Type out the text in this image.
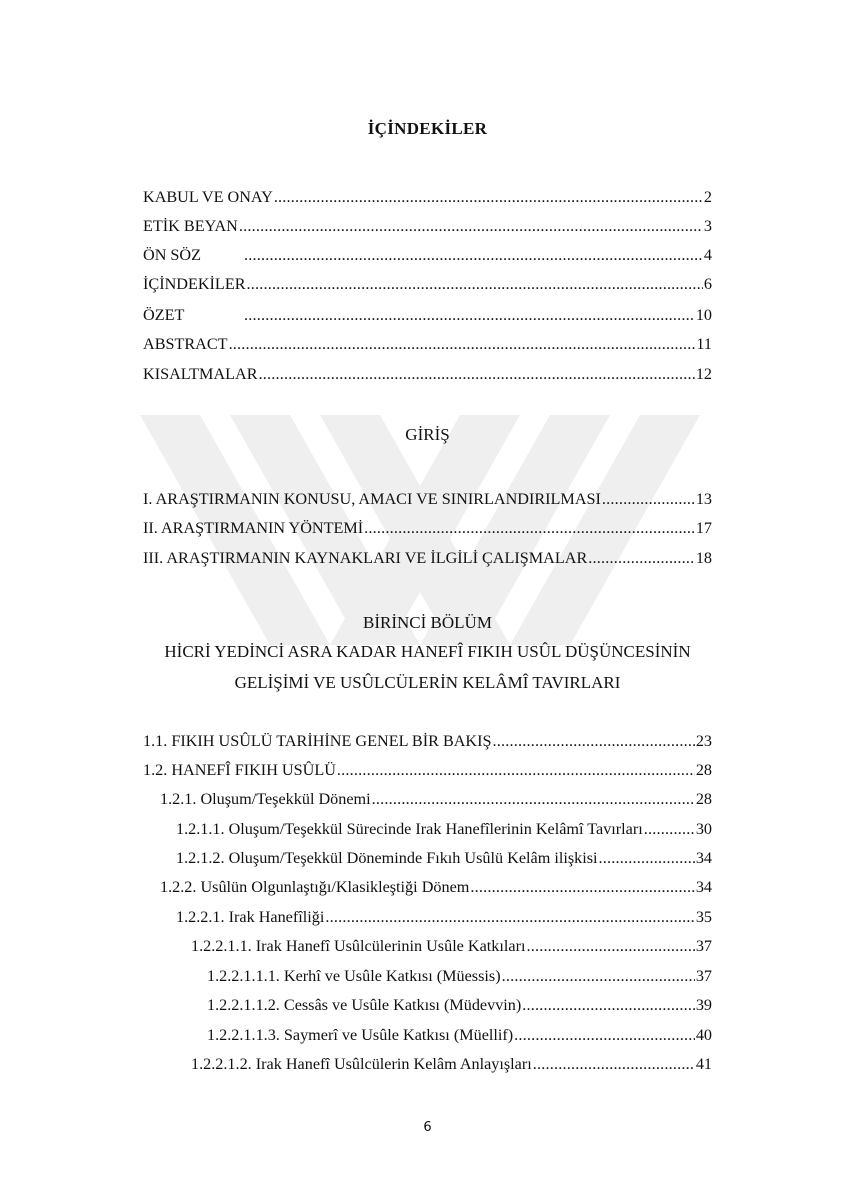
İÇİNDEKİLER
KABUL VE ONAY .....	2
ETİK BEYAN .....	3
ÖN SÖZ .....	4
İÇİNDEKİLER .....	6
ÖZET .....	10
ABSTRACT .....	11
KISALTMALAR .....	12
GİRİŞ
I. ARAŞTIRMANIN KONUSU, AMACI VE SINIRLANDIRILMASI .....	13
II. ARAŞTIRMANIN YÖNTEMİ .....	17
III. ARAŞTIRMANIN KAYNAKLARI VE İLGİLİ ÇALIŞMALAR .....	18
BİRİNCİ BÖLÜM
HİCRİ YEDİNCİ ASRA KADAR HANEFÎ FIKIH USÛL DÜŞÜNCESİNİN
GELİŞİMİ VE USÛLCÜLERİN KELÂMÎ TAVIRLARI
1.1. FIKIH USÛLÜ TARİHİNE GENEL BİR BAKIŞ .....	23
1.2. HANEFÎ FIKIH USÛLÜ .....	28
1.2.1. Oluşum/Teşekkül Dönemi .....	28
1.2.1.1. Oluşum/Teşekkül Sürecinde Irak Hanefîlerinin Kelâmî Tavırları .....	30
1.2.1.2. Oluşum/Teşekkül Döneminde Fıkıh Usûlü Kelâm ilişkisi .....	34
1.2.2. Usûlün Olgunlaştığı/Klasikleştiği Dönem .....	34
1.2.2.1. Irak Hanefîliği .....	35
1.2.2.1.1. Irak Hanefî Usûlcülerinin Usûle Katkıları .....	37
1.2.2.1.1.1. Kerhî ve Usûle Katkısı (Müessis) .....	37
1.2.2.1.1.2. Cessâs ve Usûle Katkısı (Müdevvin) .....	39
1.2.2.1.1.3. Saymerî ve Usûle Katkısı (Müellif) .....	40
1.2.2.1.2. Irak Hanefî Usûlcülerin Kelâm Anlayışları .....	41
6
